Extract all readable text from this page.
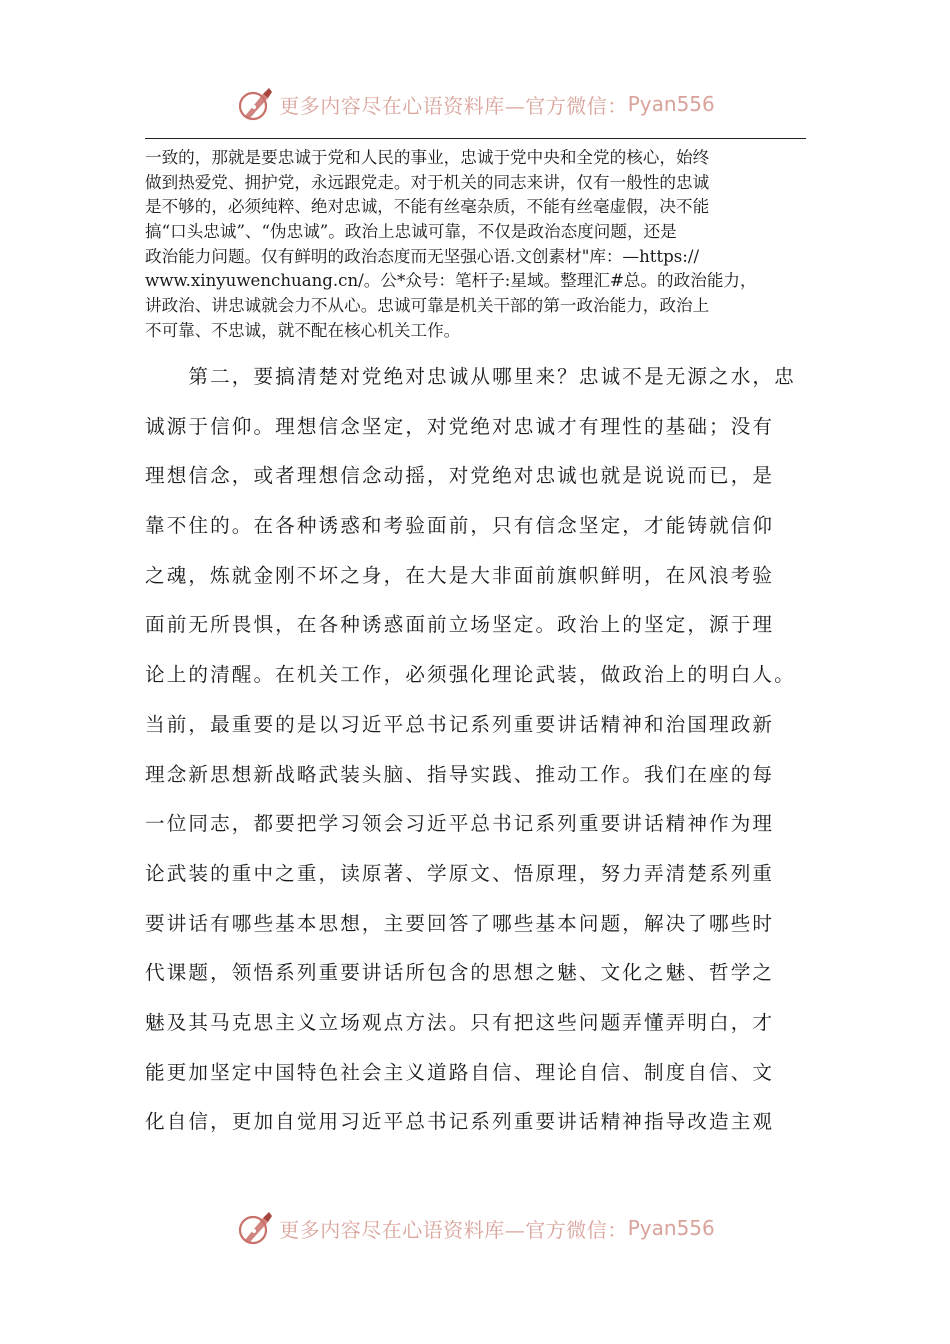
更多内容尽在心语资料库—官方微信： Pyan556
一致的，那就是要忠诚于党和人民的事业，忠诚于党中央和全党的核心，始终
做到热爱党、拥护党，永远跟党走。对于机关的同志来讲，仅有一般性的忠诚
是不够的，必须纯粹、绝对忠诚，不能有丝毫杂质，不能有丝毫虚假，决不能
搞“口头忠诚”、“伪忠诚”。政治上忠诚可靠，不仅是政治态度问题，还是
政治能力问题。仅有鲜明的政治态度而无坚强心语.文创素材"库：—https://
www.xinyuwenchuang.cn/。公*众号：笔杆子:星域。整理汇#总。的政治能力，
讲政治、讲忠诚就会力不从心。忠诚可靠是机关干部的第一政治能力，政治上
不可靠、不忠诚，就不配在核心机关工作。
　　第二，要搞清楚对党绝对忠诚从哪里来？忠诚不是无源之水，忠
诚源于信仰。理想信念坚定，对党绝对忠诚才有理性的基础；没有
理想信念，或者理想信念动摇，对党绝对忠诚也就是说说而已，是
靠不住的。在各种诱惑和考验面前，只有信念坚定，才能铸就信仰
之魂，炼就金刚不坏之身，在大是大非面前旗帜鲜明，在风浪考验
面前无所畏惧，在各种诱惑面前立场坚定。政治上的坚定，源于理
论上的清醒。在机关工作，必须强化理论武装，做政治上的明白人。
当前，最重要的是以习近平总书记系列重要讲话精神和治国理政新
理念新思想新战略武装头脑、指导实践、推动工作。我们在座的每
一位同志，都要把学习领会习近平总书记系列重要讲话精神作为理
论武装的重中之重，读原著、学原文、悟原理，努力弄清楚系列重
要讲话有哪些基本思想，主要回答了哪些基本问题，解决了哪些时
代课题，领悟系列重要讲话所包含的思想之魅、文化之魅、哲学之
魅及其马克思主义立场观点方法。只有把这些问题弄懂弄明白，才
能更加坚定中国特色社会主义道路自信、理论自信、制度自信、文
化自信，更加自觉用习近平总书记系列重要讲话精神指导改造主观
更多内容尽在心语资料库—官方微信： Pyan556
